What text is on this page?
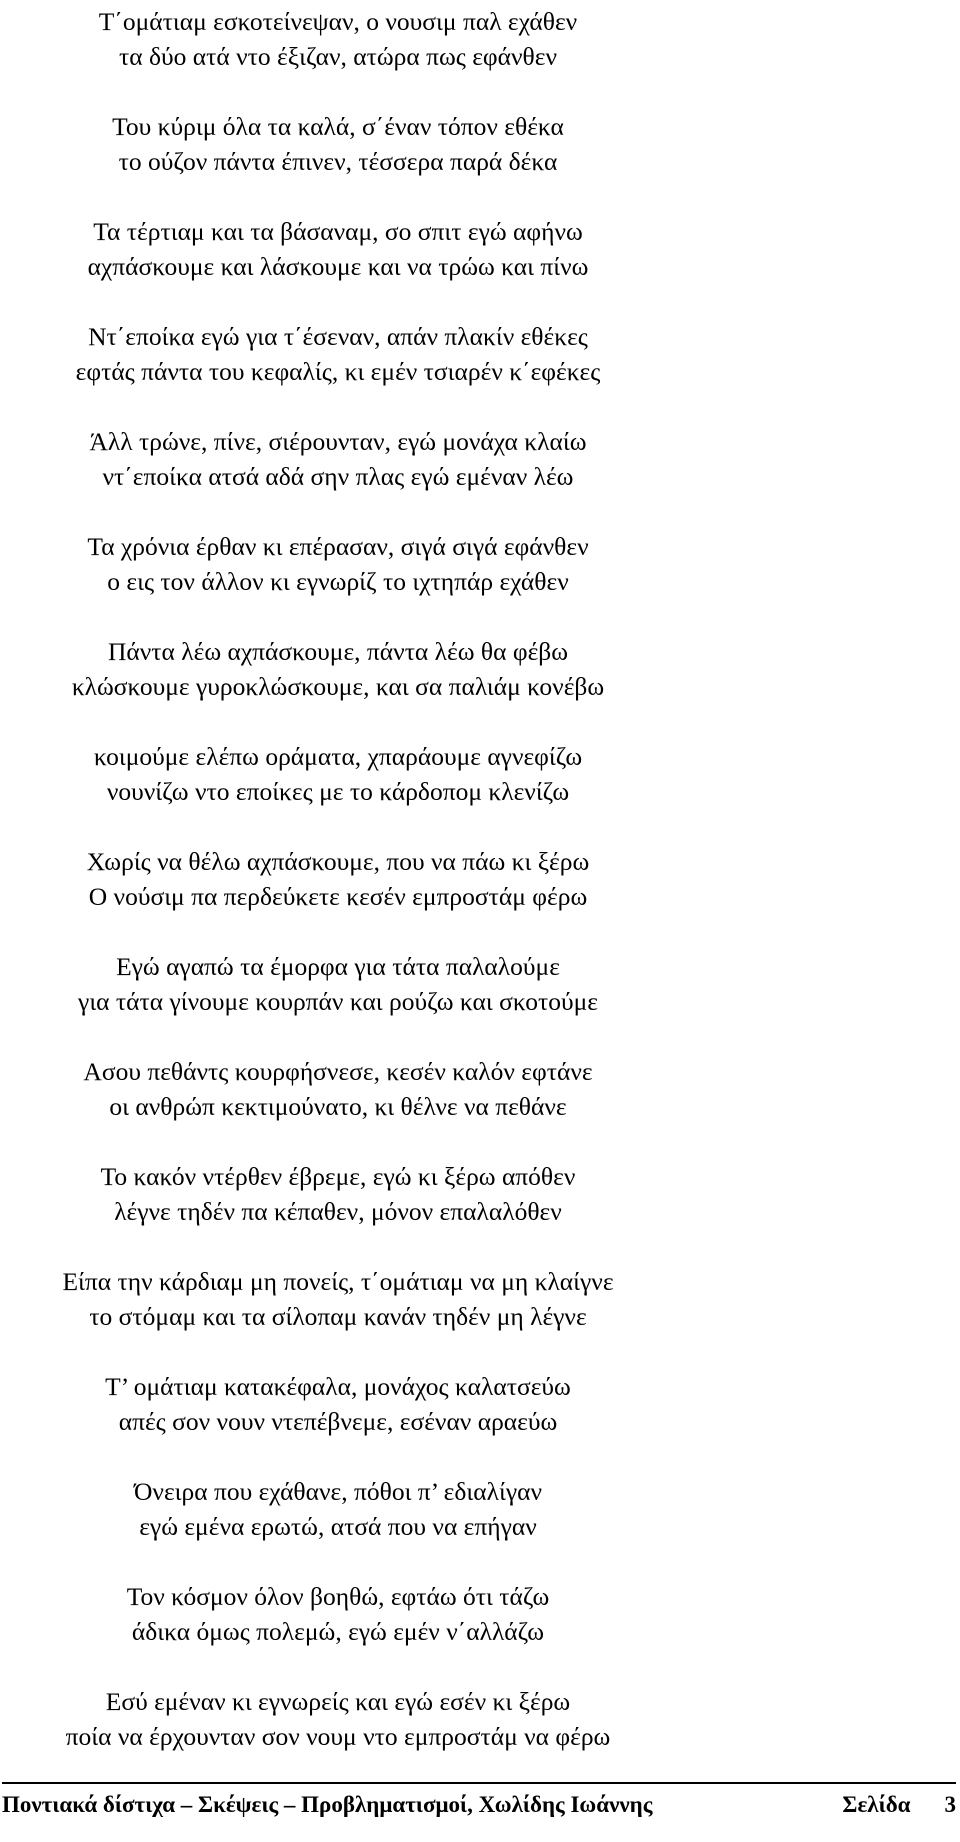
Τ΄ομάτιαμ εσκοτείνεψαν, ο νουσιμ παλ εχάθεν
τα δύο ατά ντο έξιζαν, ατώρα πως εφάνθεν
Του κύριμ όλα τα καλά, σ΄έναν τόπον εθέκα
το ούζον πάντα έπινεν, τέσσερα παρά δέκα
Τα τέρτιαμ και τα βάσαναμ, σο σπιτ εγώ αφήνω
αχπάσκουμε και λάσκουμε και να τρώω και πίνω
Ντ΄εποίκα εγώ για τ΄έσεναν, απάν πλακίν εθέκες
εφτάς πάντα του κεφαλίς, κι εμέν τσιαρέν κ΄εφέκες
Άλλ τρώνε, πίνε, σιέρουνταν, εγώ μονάχα κλαίω
ντ΄εποίκα ατσά αδά σην πλας εγώ εμέναν λέω
Τα χρόνια έρθαν κι επέρασαν, σιγά σιγά εφάνθεν
ο εις τον άλλον κι εγνωρίζ το ιχτηπάρ εχάθεν
Πάντα λέω αχπάσκουμε, πάντα λέω θα φέβω
κλώσκουμε γυροκλώσκουμε, και σα παλιάμ κονέβω
κοιμούμε ελέπω οράματα, χπαράουμε αγνεφίζω
νουνίζω ντο εποίκες με το κάρδοπομ κλενίζω
Χωρίς να θέλω αχπάσκουμε, που να πάω κι ξέρω
Ο νούσιμ πα περδεύκετε κεσέν εμπροστάμ φέρω
Εγώ αγαπώ τα έμορφα για τάτα παλαλούμε
για τάτα γίνουμε κουρπάν και ρούζω και σκοτούμε
Ασου πεθάντς κουρφήσνεσε, κεσέν καλόν εφτάνε
οι ανθρώπ κεκτιμούνατο, κι θέλνε να πεθάνε
Το κακόν ντέρθεν έβρεμε, εγώ κι ξέρω απόθεν
λέγνε τηδέν πα κέπαθεν, μόνον επαλαλόθεν
Είπα την κάρδιαμ μη πονείς, τ΄ομάτιαμ να μη κλαίγνε
το στόμαμ και τα σίλοπαμ κανάν τηδέν μη λέγνε
Τ’ ομάτιαμ κατακέφαλα, μονάχος καλατσεύω
απές σον νουν ντεπέβνεμε, εσέναν αραεύω
Όνειρα που εχάθανε, πόθοι π’ εδιαλίγαν
εγώ εμένα ερωτώ, ατσά που να επήγαν
Τον κόσμον όλον βοηθώ, εφτάω ότι τάζω
άδικα όμως πολεμώ, εγώ εμέν ν΄αλλάζω
Εσύ εμέναν κι εγνωρείς και εγώ εσέν κι ξέρω
ποία να έρχουνταν σον νουμ ντο εμπροστάμ να φέρω
Ποντιακά δίστιχα – Σκέψεις – Προβληματισμοί, Χωλίδης Ιωάννης	Σελίδα 3
